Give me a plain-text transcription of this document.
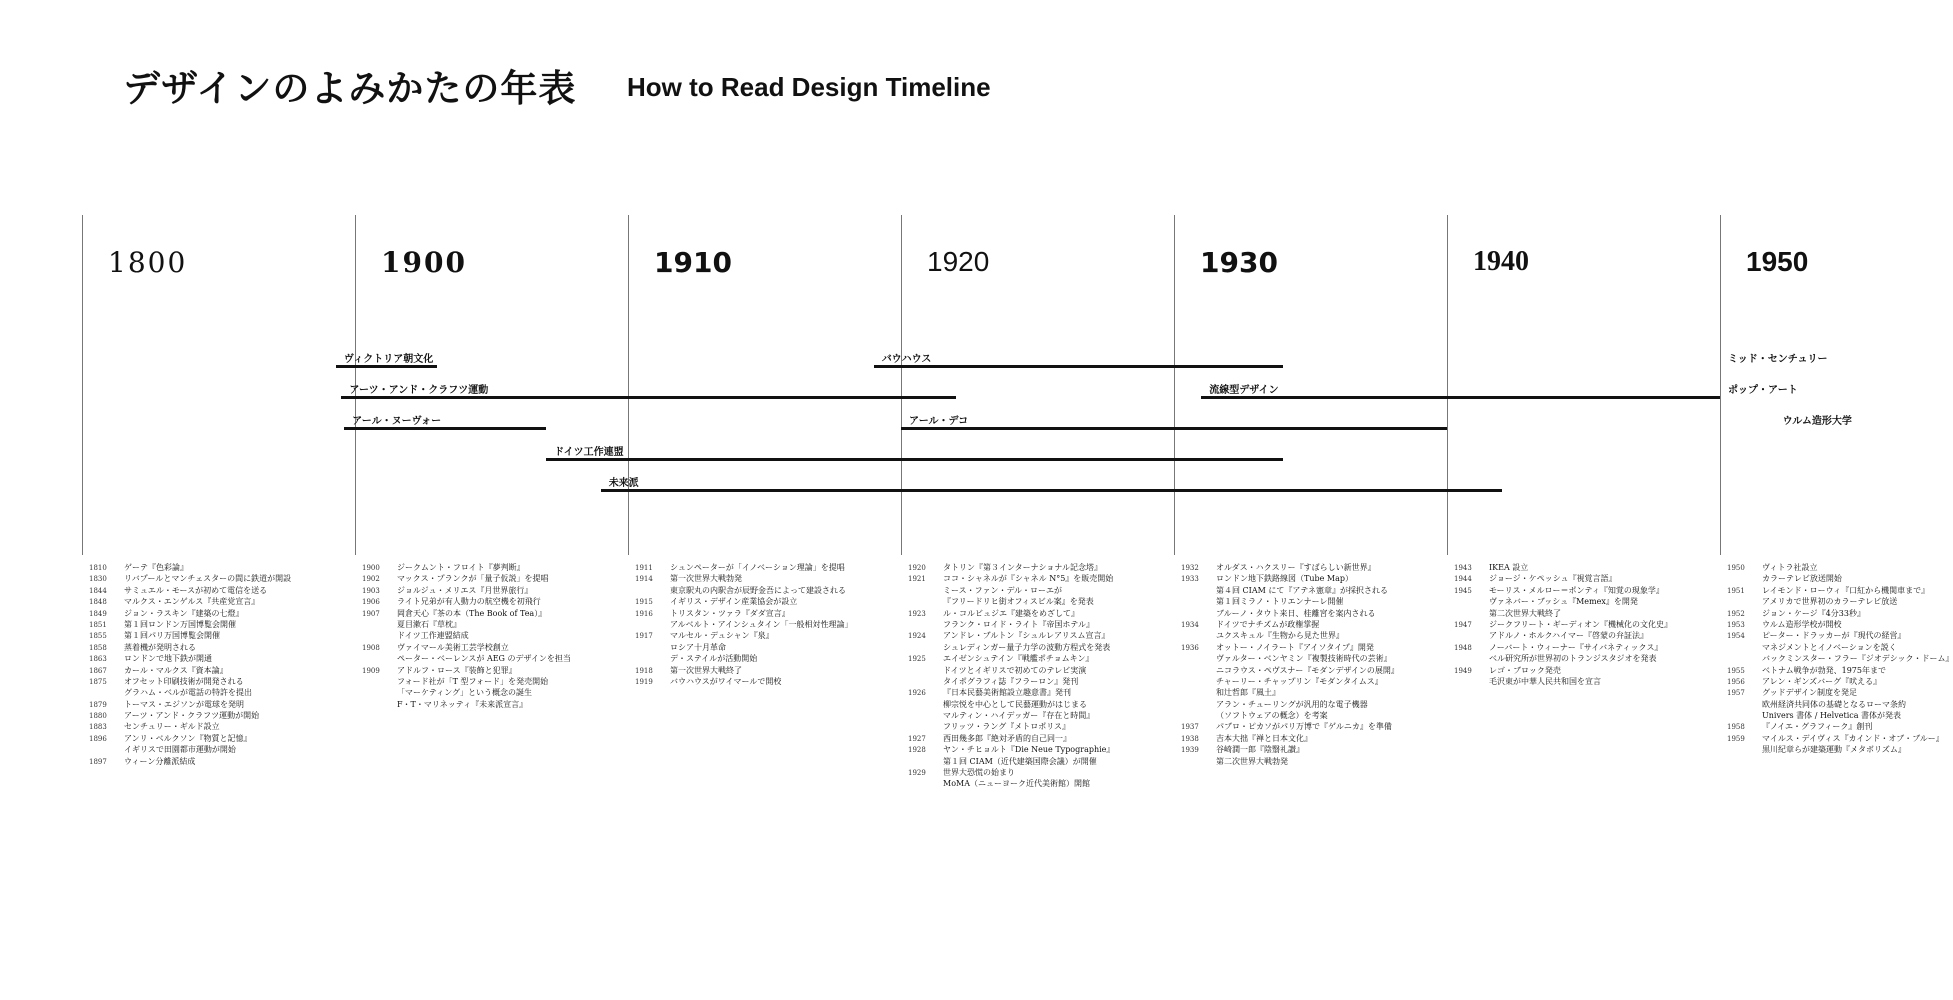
デザインのよみかたの年表 How to Read Design Timeline
1800	1900	1910	1920	1930	1940	1950
ヴィクトリア朝文化
アーツ・アンド・クラフツ運動
アール・ヌーヴォー
ドイツ工作連盟
未来派
バウハウス
流線型デザイン
アール・デコ
ミッド・センチュリー
ポップ・アート
ウルム造形大学
1810 ゲーテ『色彩論』
1830 リバプールとマンチェスターの間に鉄道が開設
1844 サミュエル・モースが初めて電信を送る
1848 マルクス・エンゲルス『共産党宣言』
1849 ジョン・ラスキン『建築の七燈』
1851 第１回ロンドン万国博覧会開催
1855 第１回パリ万国博覧会開催
1858 蒸着機が発明される
1863 ロンドンで地下鉄が開通
1867 カール・マルクス『資本論』
1875 オフセット印刷技術が開発される
グラハム・ベルが電話の特許を提出
1879 トーマス・エジソンが電球を発明
1880 アーツ・アンド・クラフツ運動が開始
1883 センチュリー・ギルド設立
1896 アンリ・ベルクソン『物質と記憶』
イギリスで田園都市運動が開始
1897 ウィーン分離派結成
1900 ジークムント・フロイト『夢判断』
1902 マックス・プランクが「量子仮説」を提唱
1903 ジョルジュ・メリエス『月世界旅行』
1906 ライト兄弟が有人動力の航空機を初飛行
1907 岡倉天心『茶の本（The Book of Tea）』
夏目漱石『草枕』
ドイツ工作連盟結成
1908 ヴァイマール美術工芸学校創立
ペーター・ベーレンスが AEG のデザインを担当
1909 アドルフ・ロース『装飾と犯罪』
フォード社が「T 型フォード」を発売開始
「マーケティング」という概念の誕生
F・T・マリネッティ『未来派宣言』
1911 シュンペーターが「イノベーション理論」を提唱
1914 第一次世界大戦勃発
東京駅丸の内駅舎が辰野金吾によって建設される
1915 イギリス・デザイン産業協会が設立
1916 トリスタン・ツァラ『ダダ宣言』
アルベルト・アインシュタイン「一般相対性理論」
1917 マルセル・デュシャン『泉』
ロシア十月革命
デ・ステイルが活動開始
1918 第一次世界大戦終了
1919 バウハウスがワイマールで開校
1920 タトリン『第３インターナショナル記念塔』
1921 ココ・シャネルが『シャネル N°5』を販売開始
ミース・ファン・デル・ローエが
『フリードリヒ街オフィスビル案』を発表
1923 ル・コルビュジエ『建築をめざして』
フランク・ロイド・ライト『帝国ホテル』
1924 アンドレ・ブルトン『シュルレアリスム宣言』
シュレディンガー量子力学の波動方程式を発表
1925 エイゼンシュテイン『戦艦ポチョムキン』
ドイツとイギリスで初めてのテレビ実演
タイポグラフィ誌『フラーロン』発刊
1926 『日本民藝美術館設立趣意書』発刊
柳宗悦を中心として民藝運動がはじまる
マルティン・ハイデッガー『存在と時間』
フリッツ・ラング『メトロポリス』
1927 西田幾多郎『絶対矛盾的自己同一』
1928 ヤン・チヒョルト『Die Neue Typographie』
第１回 CIAM（近代建築国際会議）が開催
1929 世界大恐慌の始まり
MoMA（ニューヨーク近代美術館）開館
1932 オルダス・ハクスリー『すばらしい新世界』
1933 ロンドン地下鉄路線図（Tube Map）
第４回 CIAM にて『アテネ憲章』が採択される
第１回ミラノ・トリエンナーレ開催
ブルーノ・タウト来日、桂離宮を案内される
1934 ドイツでナチズムが政権掌握
ユクスキュル『生物から見た世界』
1936 オットー・ノイラート『アイソタイプ』開発
ヴァルター・ベンヤミン『複製技術時代の芸術』
ニコラウス・ペヴスナー『モダンデザインの展開』
チャーリー・チャップリン『モダンタイムス』
和辻哲郎『風土』
アラン・チューリングが汎用的な電子機器
（ソフトウェアの概念）を考案
1937 パブロ・ピカソがパリ万博で『ゲルニカ』を準備
1938 吉本大拙『禅と日本文化』
1939 谷崎潤一郎『陰翳礼讃』
第二次世界大戦勃発
1943 IKEA 設立
1944 ジョージ・ケペッシュ『視覚言語』
1945 モーリス・メルロー＝ポンティ『知覚の現象学』
ヴァネバー・ブッシュ『Memex』を開発
第二次世界大戦終了
1947 ジークフリート・ギーディオン『機械化の文化史』
アドルノ・ホルクハイマー『啓蒙の弁証法』
1948 ノーバート・ウィーナー『サイバネティックス』
ベル研究所が世界初のトランジスタジオを発表
1949 レゴ・ブロック発売
毛沢東が中華人民共和国を宣言
1950 ヴィトラ社設立
カラーテレビ放送開始
1951 レイモンド・ローウィ『口紅から機関車まで』
アメリカで世界初のカラーテレビ放送
1952 ジョン・ケージ『4分33秒』
1953 ウルム造形学校が開校
1954 ピーター・ドラッカーが『現代の経営』
マネジメントとイノベーションを説く
バックミンスター・フラー『ジオデシック・ドーム』
1955 ベトナム戦争が勃発、1975年まで
1956 アレン・ギンズバーグ『吠える』
1957 グッドデザイン制度を発足
欧州経済共同体の基礎となるローマ条約
Univers 書体 / Helvetica 書体が発表
1958 『ノイエ・グラフィーク』創刊
1959 マイルス・デイヴィス『カインド・オブ・ブルー』
黒川紀章らが建築運動『メタボリズム』
